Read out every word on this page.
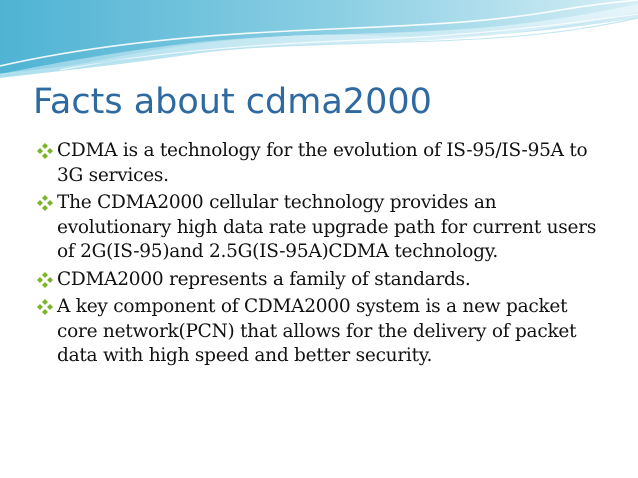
Facts about cdma2000
CDMA is a technology for the evolution of IS-95/IS-95A to 3G services.
The CDMA2000 cellular technology provides an evolutionary high data rate upgrade path for current users of 2G(IS-95)and 2.5G(IS-95A)CDMA technology.
CDMA2000 represents a family of standards.
A key component of CDMA2000 system is a new packet core network(PCN) that allows for the delivery of packet data with high speed and better security.
